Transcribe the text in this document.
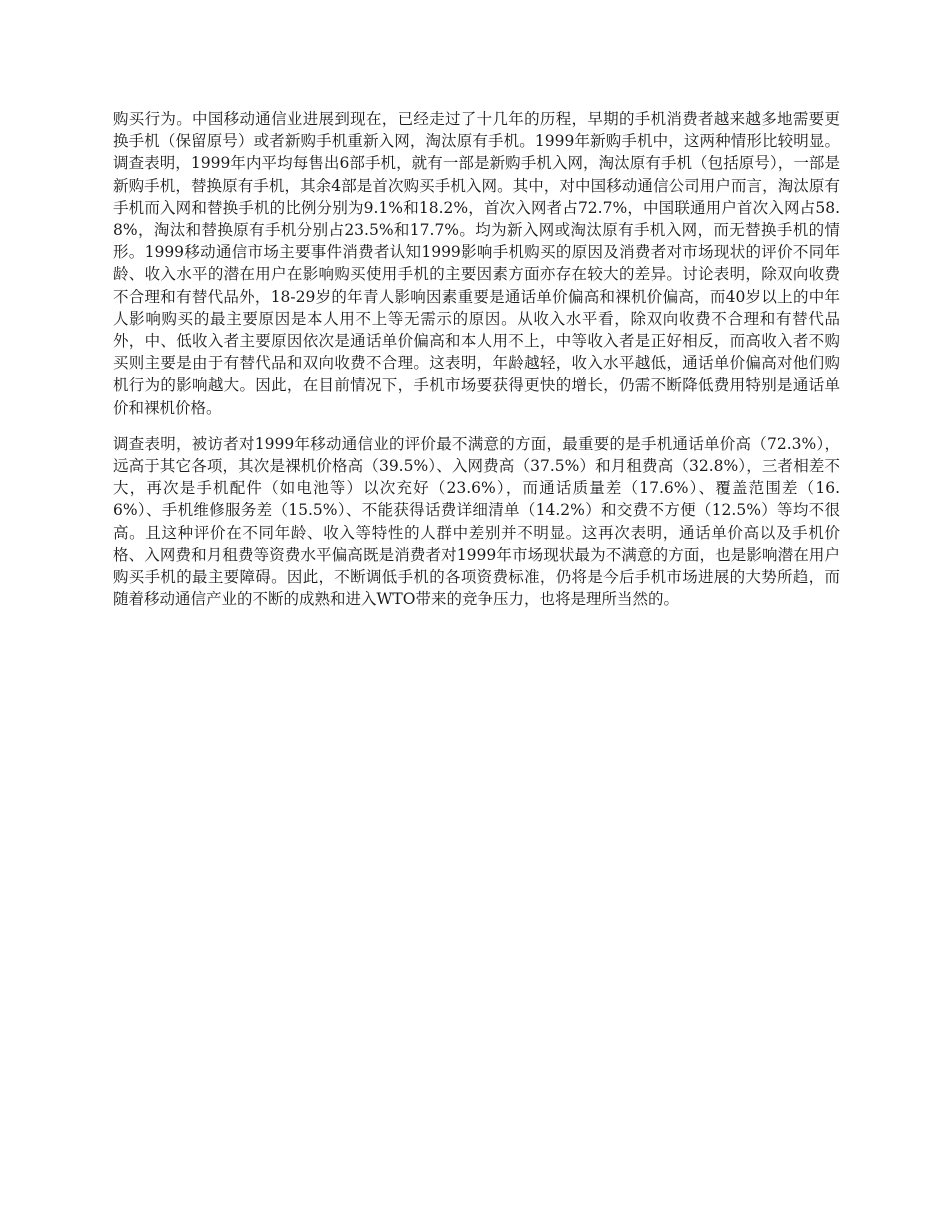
购买行为。中国移动通信业进展到现在，已经走过了十几年的历程，早期的手机消费者越来越多地需要更换手机（保留原号）或者新购手机重新入网，淘汰原有手机。1999年新购手机中，这两种情形比较明显。调查表明，1999年内平均每售出6部手机，就有一部是新购手机入网，淘汰原有手机（包括原号），一部是新购手机，替换原有手机，其余4部是首次购买手机入网。其中，对中国移动通信公司用户而言，淘汰原有手机而入网和替换手机的比例分别为9.1%和18.2%，首次入网者占72.7%，中国联通用户首次入网占58.8%，淘汰和替换原有手机分别占23.5%和17.7%。均为新入网或淘汰原有手机入网，而无替换手机的情形。1999移动通信市场主要事件消费者认知1999影响手机购买的原因及消费者对市场现状的评价不同年龄、收入水平的潜在用户在影响购买使用手机的主要因素方面亦存在较大的差异。讨论表明，除双向收费不合理和有替代品外，18-29岁的年青人影响因素重要是通话单价偏高和裸机价偏高，而40岁以上的中年人影响购买的最主要原因是本人用不上等无需示的原因。从收入水平看，除双向收费不合理和有替代品外，中、低收入者主要原因依次是通话单价偏高和本人用不上，中等收入者是正好相反，而高收入者不购买则主要是由于有替代品和双向收费不合理。这表明，年龄越轻，收入水平越低，通话单价偏高对他们购机行为的影响越大。因此，在目前情况下，手机市场要获得更快的增长，仍需不断降低费用特别是通话单价和裸机价格。

调查表明，被访者对1999年移动通信业的评价最不满意的方面，最重要的是手机通话单价高（72.3%），远高于其它各项，其次是裸机价格高（39.5%）、入网费高（37.5%）和月租费高（32.8%），三者相差不大，再次是手机配件（如电池等）以次充好（23.6%），而通话质量差（17.6%）、覆盖范围差（16.6%）、手机维修服务差（15.5%）、不能获得话费详细清单（14.2%）和交费不方便（12.5%）等均不很高。且这种评价在不同年龄、收入等特性的人群中差别并不明显。这再次表明，通话单价高以及手机价格、入网费和月租费等资费水平偏高既是消费者对1999年市场现状最为不满意的方面，也是影响潜在用户购买手机的最主要障碍。因此，不断调低手机的各项资费标准，仍将是今后手机市场进展的大势所趋，而随着移动通信产业的不断的成熟和进入WTO带来的竞争压力，也将是理所当然的。
